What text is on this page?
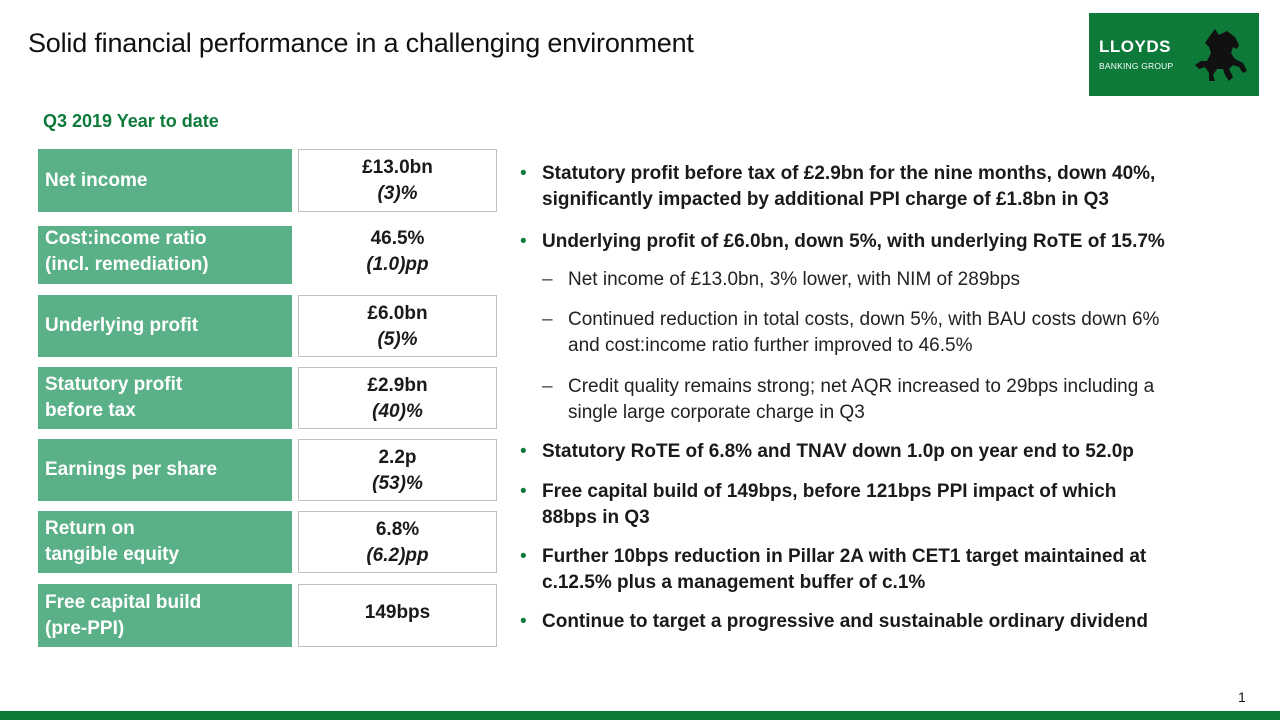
Solid financial performance in a challenging environment	LLOYDS
BANKING GROUP
Q3 2019 Year to date
Net income
£13.0bn
(3)%
Cost:income ratio
(incl. remediation)
46.5%
(1.0)pp
Underlying profit
£6.0bn
(5)%
Statutory profit
before tax
£2.9bn
(40)%
Earnings per share
2.2p
(53)%
Return on
tangible equity
6.8%
(6.2)pp
Free capital build
(pre-PPI)
149bps
• Statutory profit before tax of £2.9bn for the nine months, down 40%,
significantly impacted by additional PPI charge of £1.8bn in Q3
• Underlying profit of £6.0bn, down 5%, with underlying RoTE of 15.7%
– Net income of £13.0bn, 3% lower, with NIM of 289bps
– Continued reduction in total costs, down 5%, with BAU costs down 6%
and cost:income ratio further improved to 46.5%
– Credit quality remains strong; net AQR increased to 29bps including a
single large corporate charge in Q3
• Statutory RoTE of 6.8% and TNAV down 1.0p on year end to 52.0p
• Free capital build of 149bps, before 121bps PPI impact of which
88bps in Q3
• Further 10bps reduction in Pillar 2A with CET1 target maintained at
c.12.5% plus a management buffer of c.1%
• Continue to target a progressive and sustainable ordinary dividend
1
